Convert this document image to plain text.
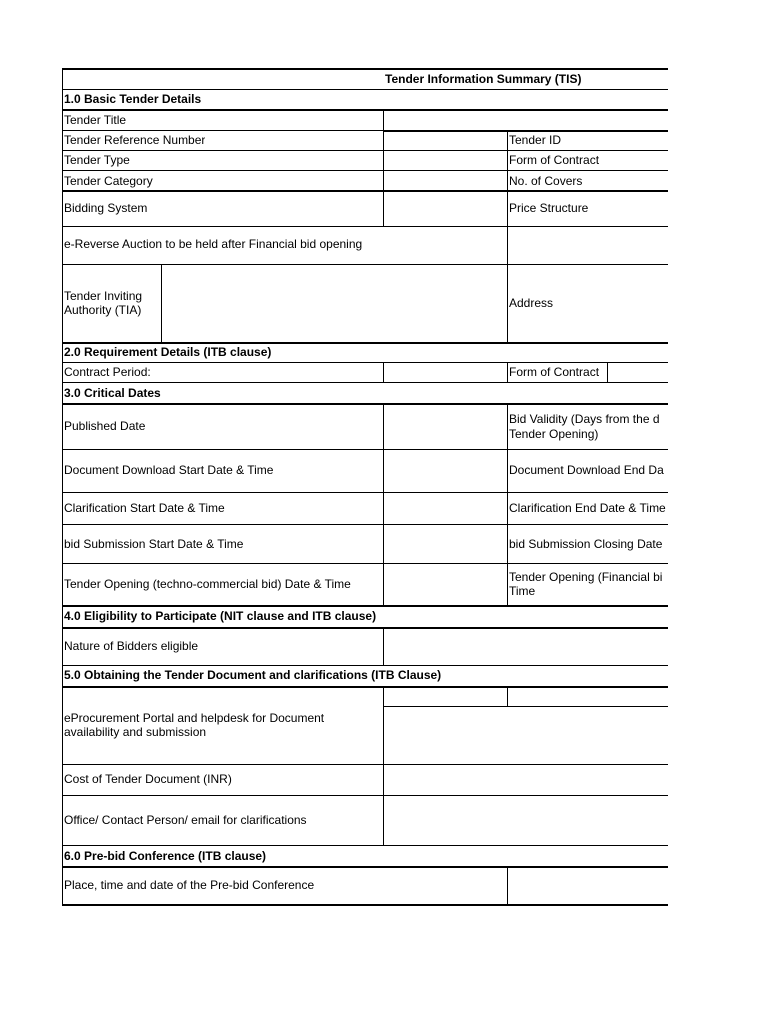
Tender Information Summary (TIS)
1.0 Basic Tender Details
Tender Title
Tender Reference Number	Tender ID
Tender Type	Form of Contract
Tender Category	No. of Covers
Bidding System	Price Structure
e-Reverse Auction to be held after Financial bid opening
Tender Inviting
Authority (TIA)	Address
2.0 Requirement Details (ITB clause)
Contract Period:	Form of Contract
3.0 Critical Dates
Published Date	Bid Validity (Days from the d
Tender Opening)
Document Download Start Date & Time	Document Download End Da
Clarification Start Date & Time	Clarification End Date & Time
bid Submission Start Date & Time	bid Submission Closing Date
Tender Opening (techno-commercial bid) Date & Time	Tender Opening (Financial bi
Time
4.0 Eligibility to Participate (NIT clause and ITB clause)
Nature of Bidders eligible
5.0 Obtaining the Tender Document and clarifications (ITB Clause)
eProcurement Portal and helpdesk for Document
availability and submission
Cost of Tender Document (INR)
Office/ Contact Person/ email for clarifications
6.0 Pre-bid Conference (ITB clause)
Place, time and date of the Pre-bid Conference
